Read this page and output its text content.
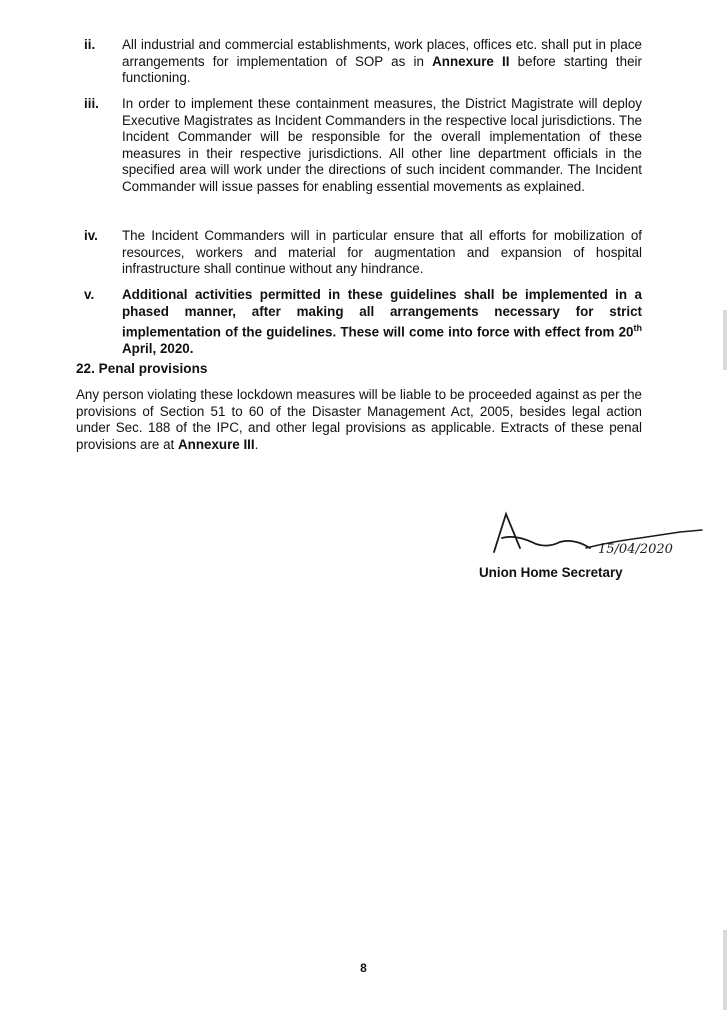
ii.	All industrial and commercial establishments, work places, offices etc. shall put in place arrangements for implementation of SOP as in Annexure II before starting their functioning.
iii.	In order to implement these containment measures, the District Magistrate will deploy Executive Magistrates as Incident Commanders in the respective local jurisdictions. The Incident Commander will be responsible for the overall implementation of these measures in their respective jurisdictions. All other line department officials in the specified area will work under the directions of such incident commander. The Incident Commander will issue passes for enabling essential movements as explained.
iv.	The Incident Commanders will in particular ensure that all efforts for mobilization of resources, workers and material for augmentation and expansion of hospital infrastructure shall continue without any hindrance.
v.	Additional activities permitted in these guidelines shall be implemented in a phased manner, after making all arrangements necessary for strict implementation of the guidelines. These will come into force with effect from 20th April, 2020.
22. Penal provisions
Any person violating these lockdown measures will be liable to be proceeded against as per the provisions of Section 51 to 60 of the Disaster Management Act, 2005, besides legal action under Sec. 188 of the IPC, and other legal provisions as applicable. Extracts of these penal provisions are at Annexure III.
15/04/2020
Union Home Secretary
8
